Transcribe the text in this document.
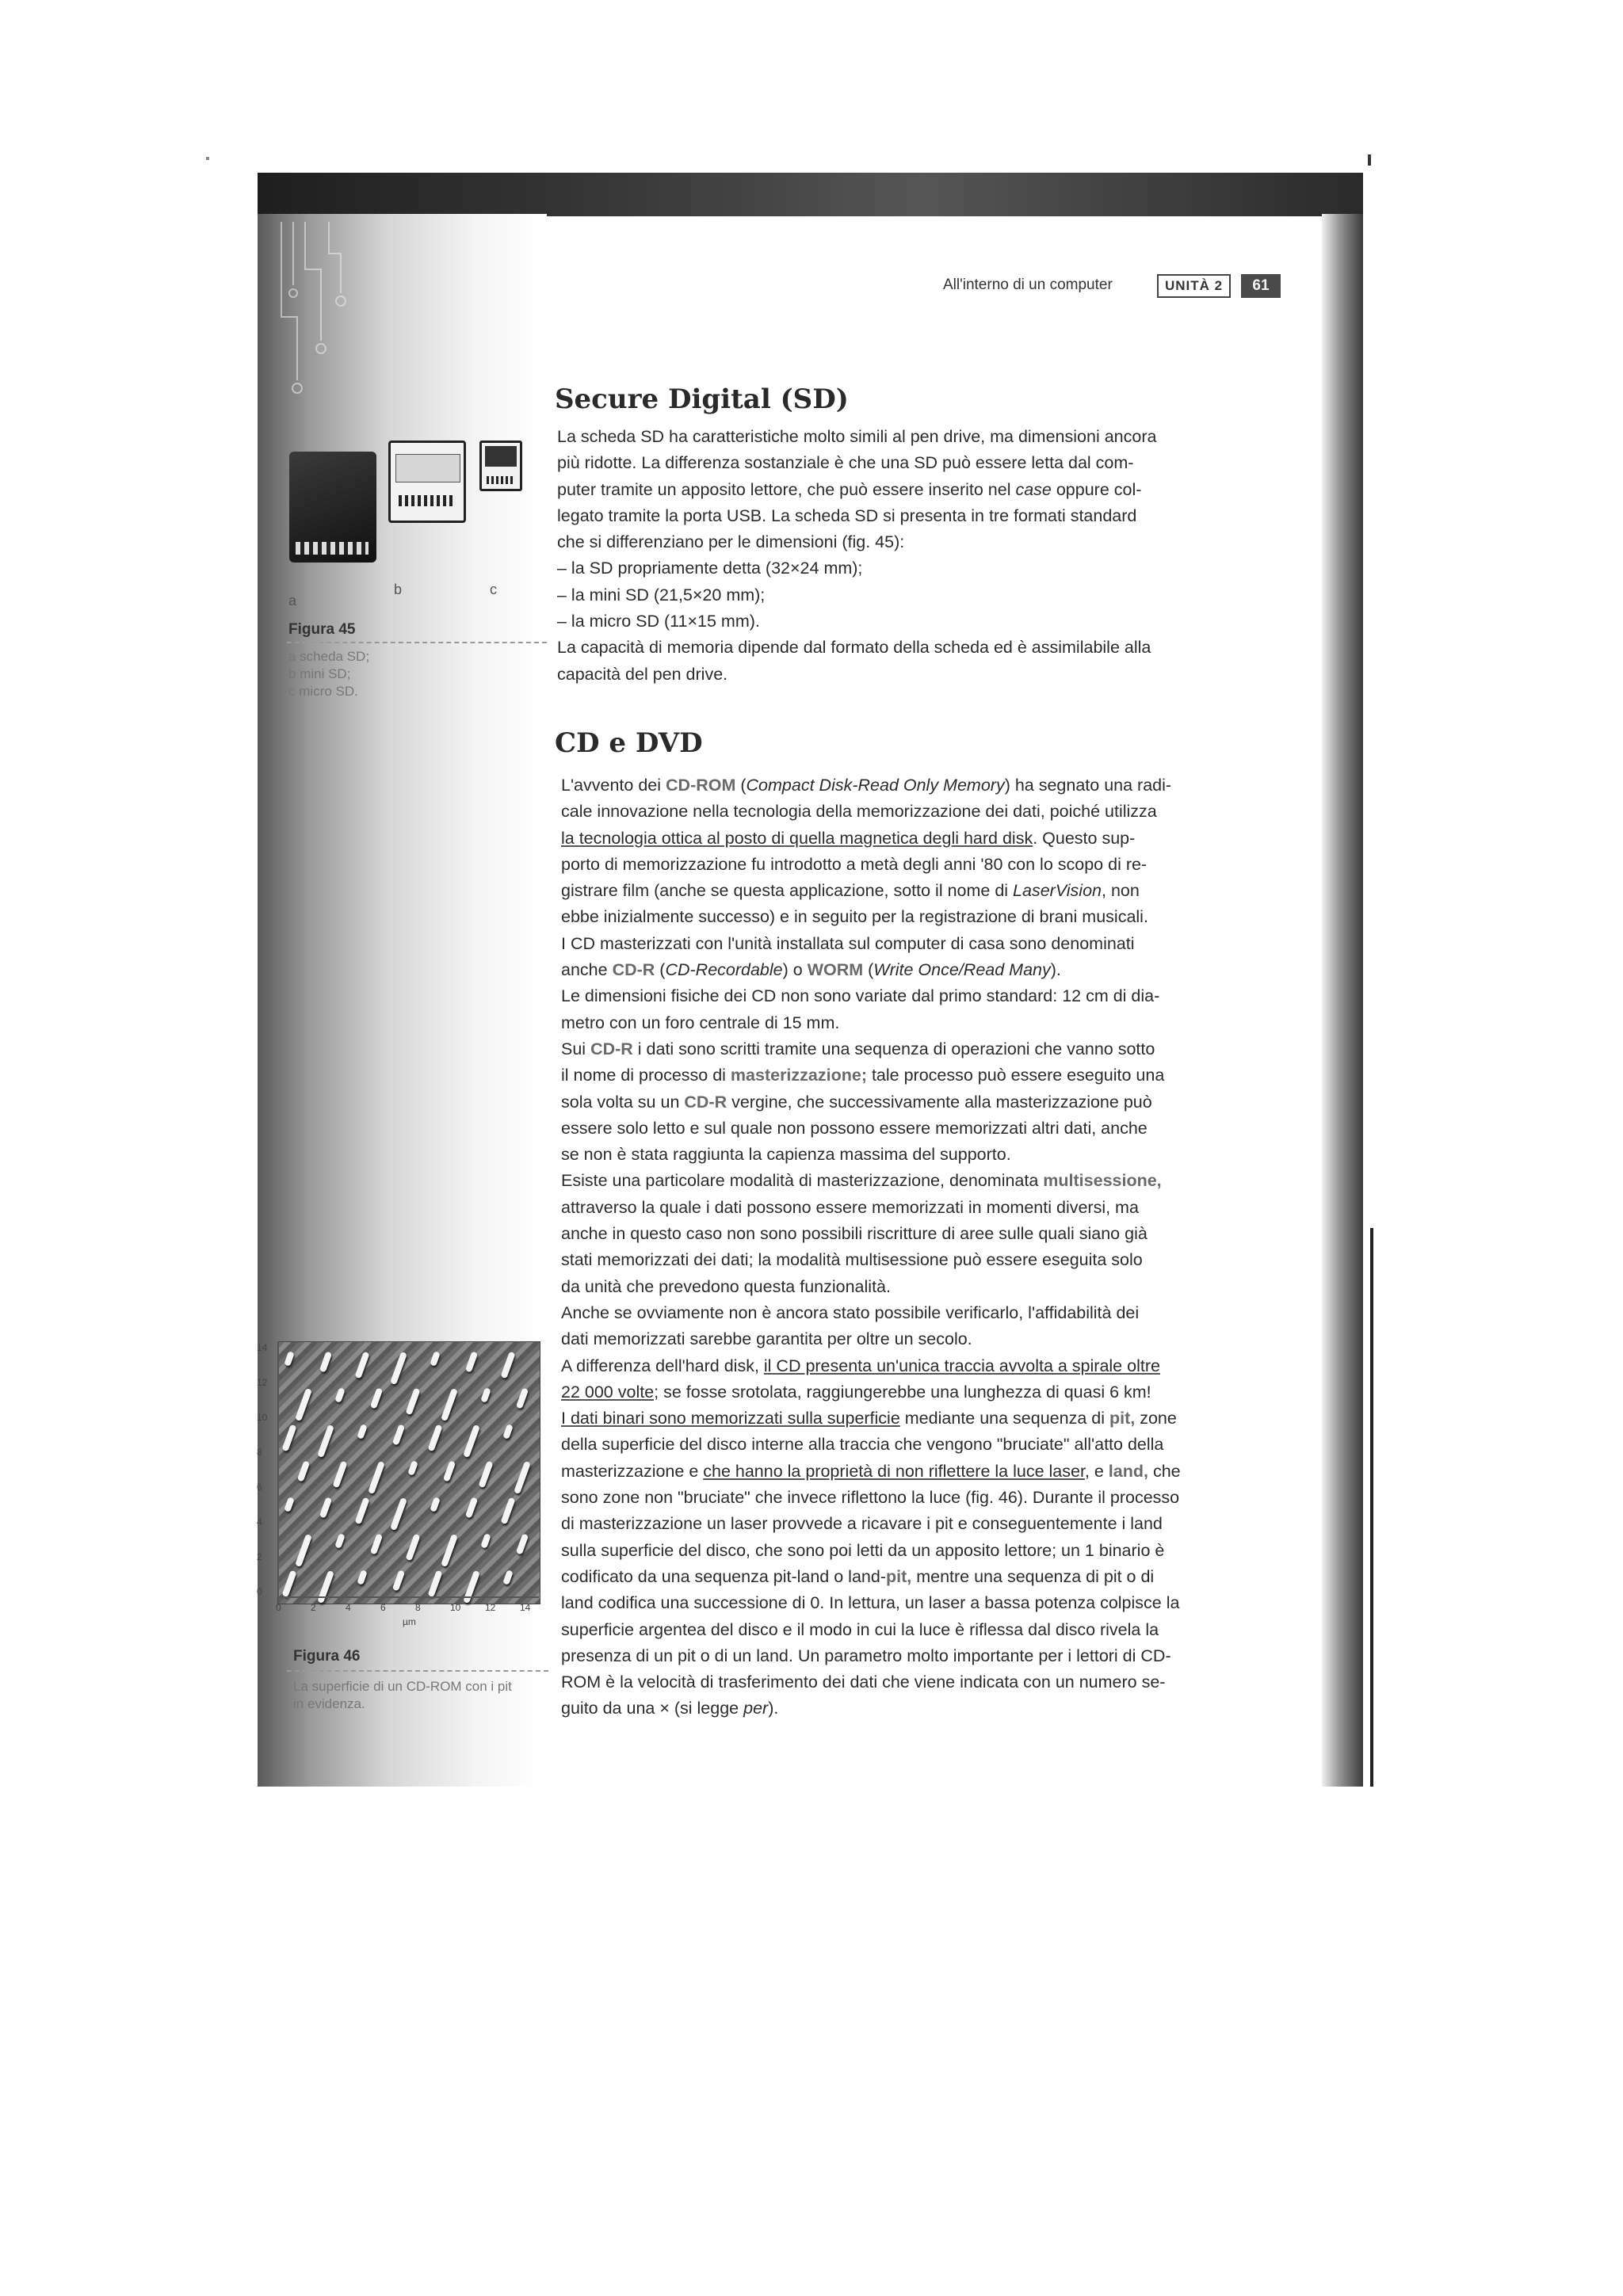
All'interno di un computer	UNITÀ 2	61
a
b	c
Figura 45
a scheda SD;
b mini SD;
c micro SD.
14
12
10
8
6
4
2
0
0	2	4	6	8	10	12	14
µm
Figura 46
La superficie di un CD-ROM con i pit
in evidenza.
Secure Digital (SD)
La scheda SD ha caratteristiche molto simili al pen drive, ma dimensioni ancora
più ridotte. La differenza sostanziale è che una SD può essere letta dal com-
puter tramite un apposito lettore, che può essere inserito nel case oppure col-
legato tramite la porta USB. La scheda SD si presenta in tre formati standard
che si differenziano per le dimensioni (fig. 45):
– la SD propriamente detta (32×24 mm);
– la mini SD (21,5×20 mm);
– la micro SD (11×15 mm).
La capacità di memoria dipende dal formato della scheda ed è assimilabile alla
capacità del pen drive.
CD e DVD
L'avvento dei CD-ROM (Compact Disk-Read Only Memory) ha segnato una radi-
cale innovazione nella tecnologia della memorizzazione dei dati, poiché utilizza
la tecnologia ottica al posto di quella magnetica degli hard disk. Questo sup-
porto di memorizzazione fu introdotto a metà degli anni '80 con lo scopo di re-
gistrare film (anche se questa applicazione, sotto il nome di LaserVision, non
ebbe inizialmente successo) e in seguito per la registrazione di brani musicali.
I CD masterizzati con l'unità installata sul computer di casa sono denominati
anche CD-R (CD-Recordable) o WORM (Write Once/Read Many).
Le dimensioni fisiche dei CD non sono variate dal primo standard: 12 cm di dia-
metro con un foro centrale di 15 mm.
Sui CD-R i dati sono scritti tramite una sequenza di operazioni che vanno sotto
il nome di processo di masterizzazione; tale processo può essere eseguito una
sola volta su un CD-R vergine, che successivamente alla masterizzazione può
essere solo letto e sul quale non possono essere memorizzati altri dati, anche
se non è stata raggiunta la capienza massima del supporto.
Esiste una particolare modalità di masterizzazione, denominata multisessione,
attraverso la quale i dati possono essere memorizzati in momenti diversi, ma
anche in questo caso non sono possibili riscritture di aree sulle quali siano già
stati memorizzati dei dati; la modalità multisessione può essere eseguita solo
da unità che prevedono questa funzionalità.
Anche se ovviamente non è ancora stato possibile verificarlo, l'affidabilità dei
dati memorizzati sarebbe garantita per oltre un secolo.
A differenza dell'hard disk, il CD presenta un'unica traccia avvolta a spirale oltre
22 000 volte; se fosse srotolata, raggiungerebbe una lunghezza di quasi 6 km!
I dati binari sono memorizzati sulla superficie mediante una sequenza di pit, zone
della superficie del disco interne alla traccia che vengono "bruciate" all'atto della
masterizzazione e che hanno la proprietà di non riflettere la luce laser, e land, che
sono zone non "bruciate" che invece riflettono la luce (fig. 46). Durante il processo
di masterizzazione un laser provvede a ricavare i pit e conseguentemente i land
sulla superficie del disco, che sono poi letti da un apposito lettore; un 1 binario è
codificato da una sequenza pit-land o land-pit, mentre una sequenza di pit o di
land codifica una successione di 0. In lettura, un laser a bassa potenza colpisce la
superficie argentea del disco e il modo in cui la luce è riflessa dal disco rivela la
presenza di un pit o di un land. Un parametro molto importante per i lettori di CD-
ROM è la velocità di trasferimento dei dati che viene indicata con un numero se-
guito da una × (si legge per).
